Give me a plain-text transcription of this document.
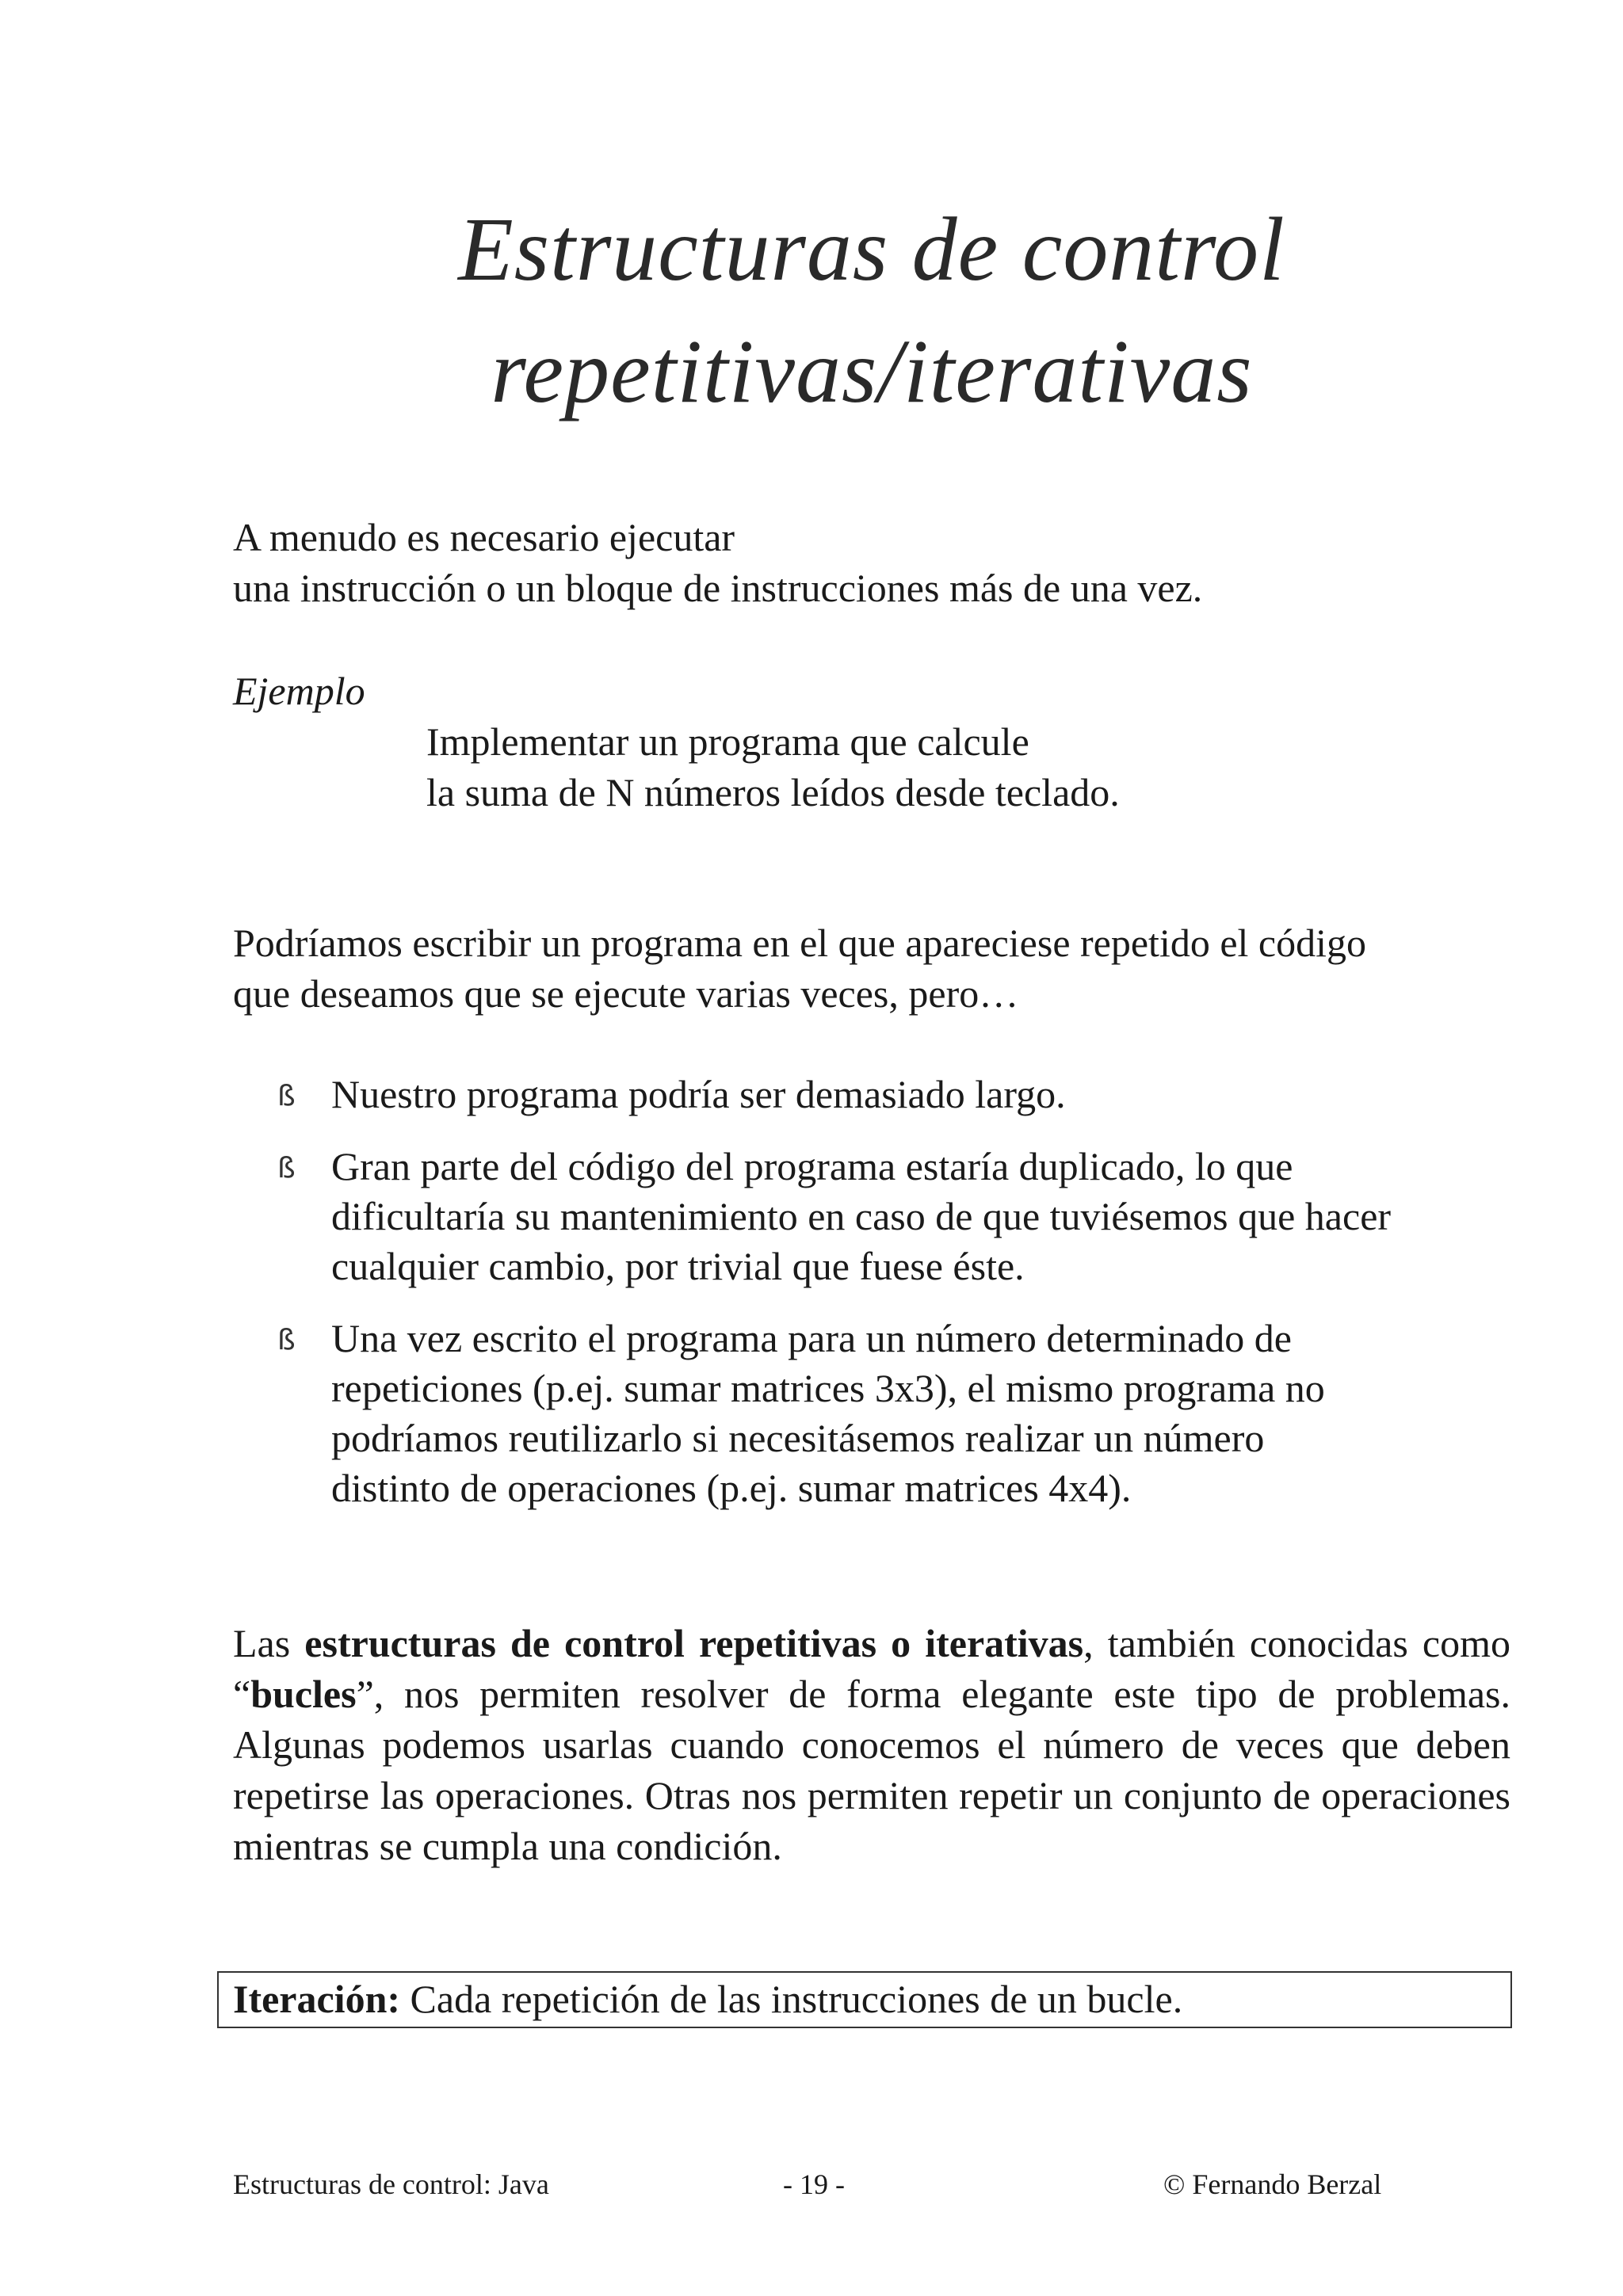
Estructuras de control
repetitivas/iterativas
A menudo es necesario ejecutar
una instrucción o un bloque de instrucciones más de una vez.
Ejemplo
Implementar un programa que calcule
la suma de N números leídos desde teclado.
Podríamos escribir un programa en el que apareciese repetido el código
que deseamos que se ejecute varias veces, pero…
ß Nuestro programa podría ser demasiado largo.
ß Gran parte del código del programa estaría duplicado, lo que
dificultaría su mantenimiento en caso de que tuviésemos que hacer
cualquier cambio, por trivial que fuese éste.
ß Una vez escrito el programa para un número determinado de
repeticiones (p.ej. sumar matrices 3x3), el mismo programa no
podríamos reutilizarlo si necesitásemos realizar un número
distinto de operaciones (p.ej. sumar matrices 4x4).
Las estructuras de control repetitivas o iterativas, también conocidas como “bucles”, nos permiten resolver de forma elegante este tipo de problemas. Algunas podemos usarlas cuando conocemos el número de veces que deben repetirse las operaciones. Otras nos permiten repetir un conjunto de operaciones mientras se cumpla una condición.
Iteración: Cada repetición de las instrucciones de un bucle.
Estructuras de control: Java	- 19 -	© Fernando Berzal
